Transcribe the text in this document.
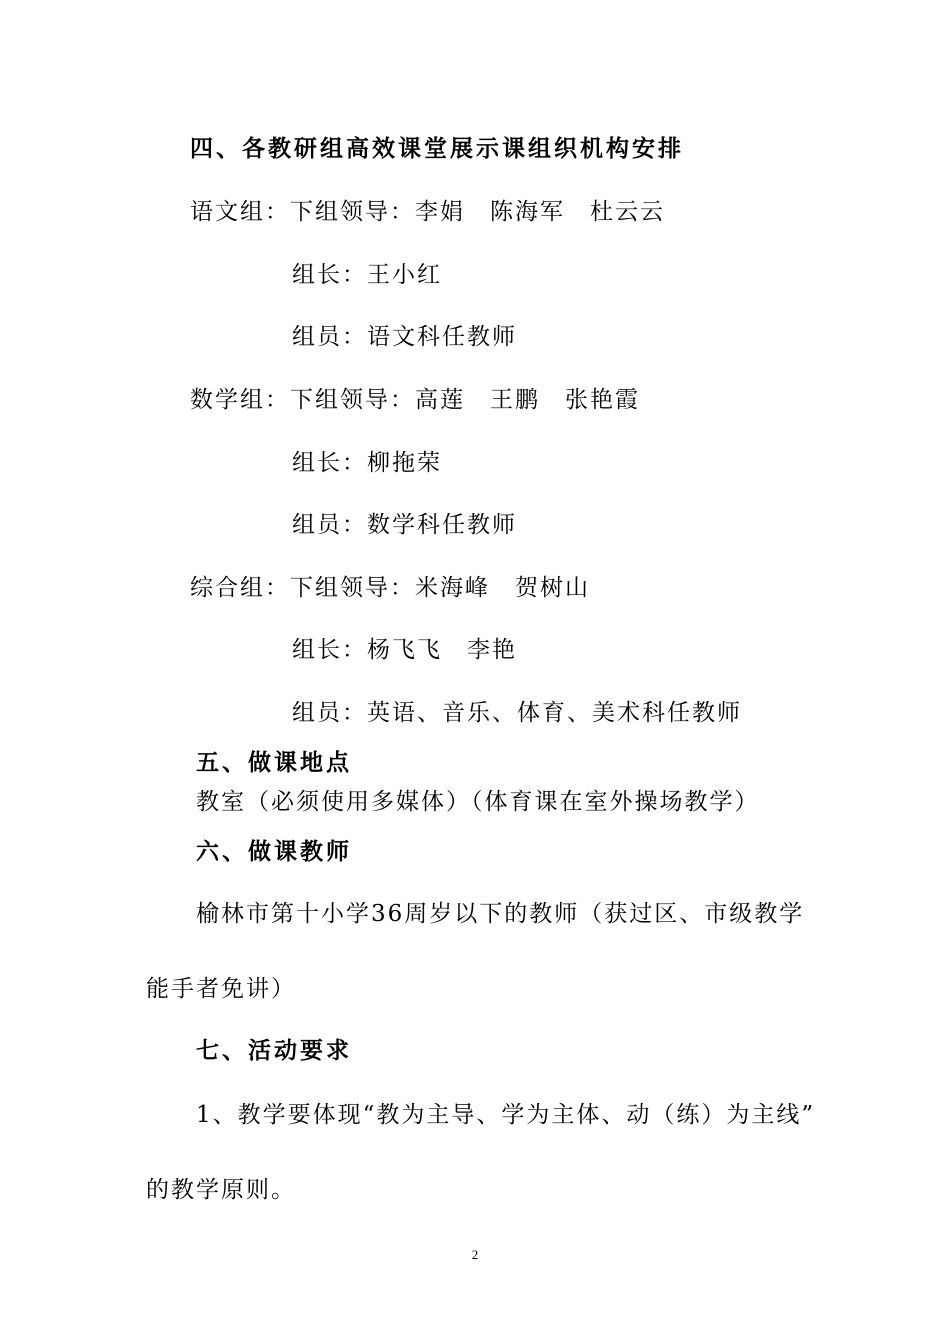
四、各教研组高效课堂展示课组织机构安排
语文组：下组领导：李娟　陈海军　杜云云
组长：王小红
组员：语文科任教师
数学组：下组领导：高莲　王鹏　张艳霞
组长：柳拖荣
组员：数学科任教师
综合组：下组领导：米海峰　贺树山
组长：杨飞飞　李艳
组员：英语、音乐、体育、美术科任教师
五、做课地点
教室（必须使用多媒体）（体育课在室外操场教学）
六、做课教师
榆林市第十小学36周岁以下的教师（获过区、市级教学
能手者免讲）
七、活动要求
1、教学要体现“教为主导、学为主体、动（练）为主线”
的教学原则。
2
